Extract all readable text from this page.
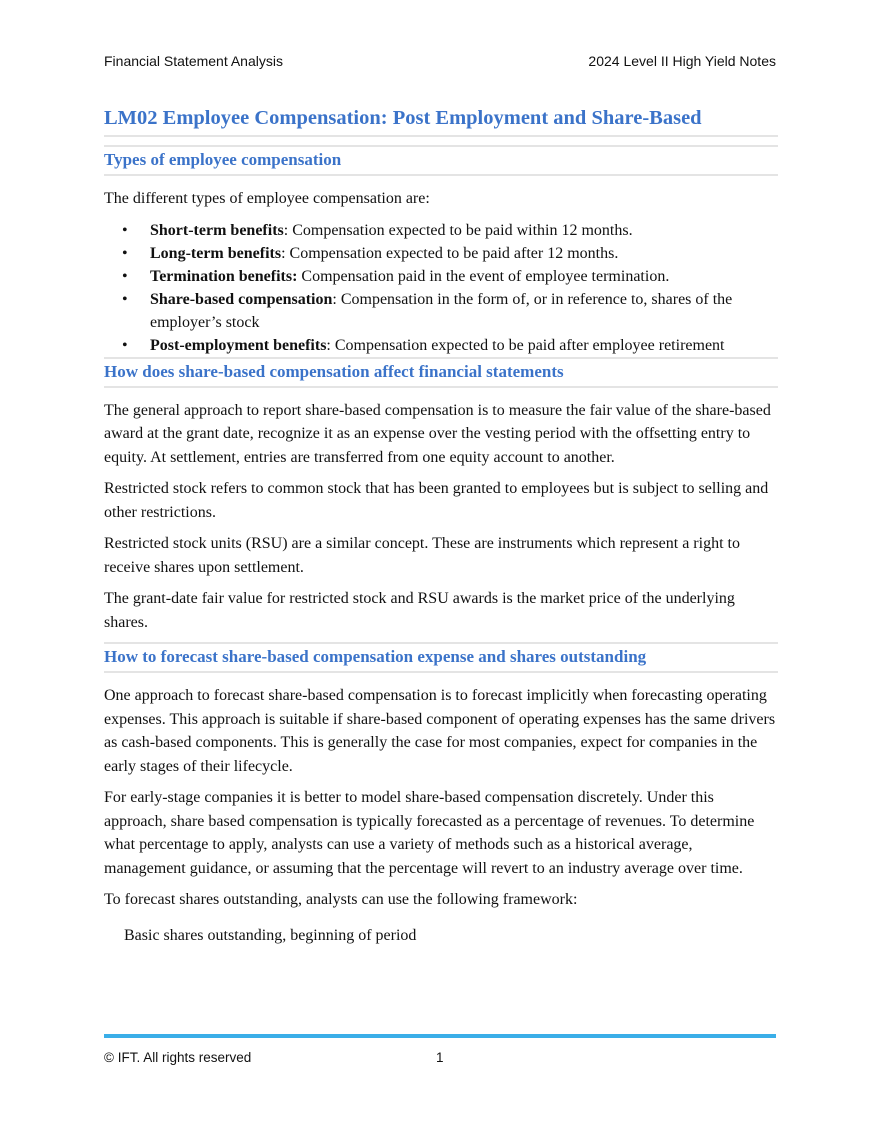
Financial Statement Analysis	2024 Level II High Yield Notes
LM02 Employee Compensation: Post Employment and Share-Based
Types of employee compensation

The different types of employee compensation are:

• Short-term benefits: Compensation expected to be paid within 12 months.
• Long-term benefits: Compensation expected to be paid after 12 months.
• Termination benefits: Compensation paid in the event of employee termination.
• Share-based compensation: Compensation in the form of, or in reference to, shares of the employer’s stock
• Post-employment benefits: Compensation expected to be paid after employee retirement
How does share-based compensation affect financial statements

The general approach to report share-based compensation is to measure the fair value of the share-based award at the grant date, recognize it as an expense over the vesting period with the offsetting entry to equity. At settlement, entries are transferred from one equity account to another.

Restricted stock refers to common stock that has been granted to employees but is subject to selling and other restrictions.

Restricted stock units (RSU) are a similar concept. These are instruments which represent a right to receive shares upon settlement.

The grant-date fair value for restricted stock and RSU awards is the market price of the underlying shares.

How to forecast share-based compensation expense and shares outstanding

One approach to forecast share-based compensation is to forecast implicitly when forecasting operating expenses. This approach is suitable if share-based component of operating expenses has the same drivers as cash-based components. This is generally the case for most companies, expect for companies in the early stages of their lifecycle.

For early-stage companies it is better to model share-based compensation discretely. Under this approach, share based compensation is typically forecasted as a percentage of revenues. To determine what percentage to apply, analysts can use a variety of methods such as a historical average, management guidance, or assuming that the percentage will revert to an industry average over time.

To forecast shares outstanding, analysts can use the following framework:

Basic shares outstanding, beginning of period

© IFT. All rights reserved	1
